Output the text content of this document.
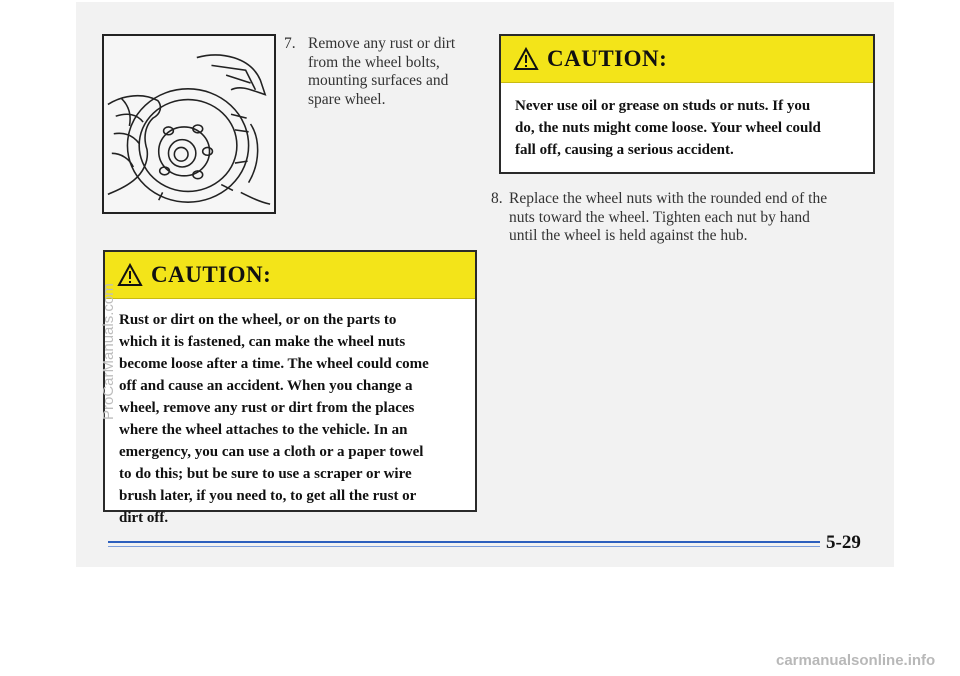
7. Remove any rust or dirt from the wheel bolts, mounting surfaces and spare wheel.
CAUTION:
Never use oil or grease on studs or nuts. If you
do, the nuts might come loose. Your wheel could
fall off, causing a serious accident.
8. Replace the wheel nuts with the rounded end of the
nuts toward the wheel. Tighten each nut by hand
until the wheel is held against the hub.
CAUTION:
Rust or dirt on the wheel, or on the parts to
which it is fastened, can make the wheel nuts
become loose after a time. The wheel could come
off and cause an accident. When you change a
wheel, remove any rust or dirt from the places
where the wheel attaches to the vehicle. In an
emergency, you can use a cloth or a paper towel
to do this; but be sure to use a scraper or wire
brush later, if you need to, to get all the rust or
dirt off.
5-29
ProCarManuals.com
carmanualsonline.info
